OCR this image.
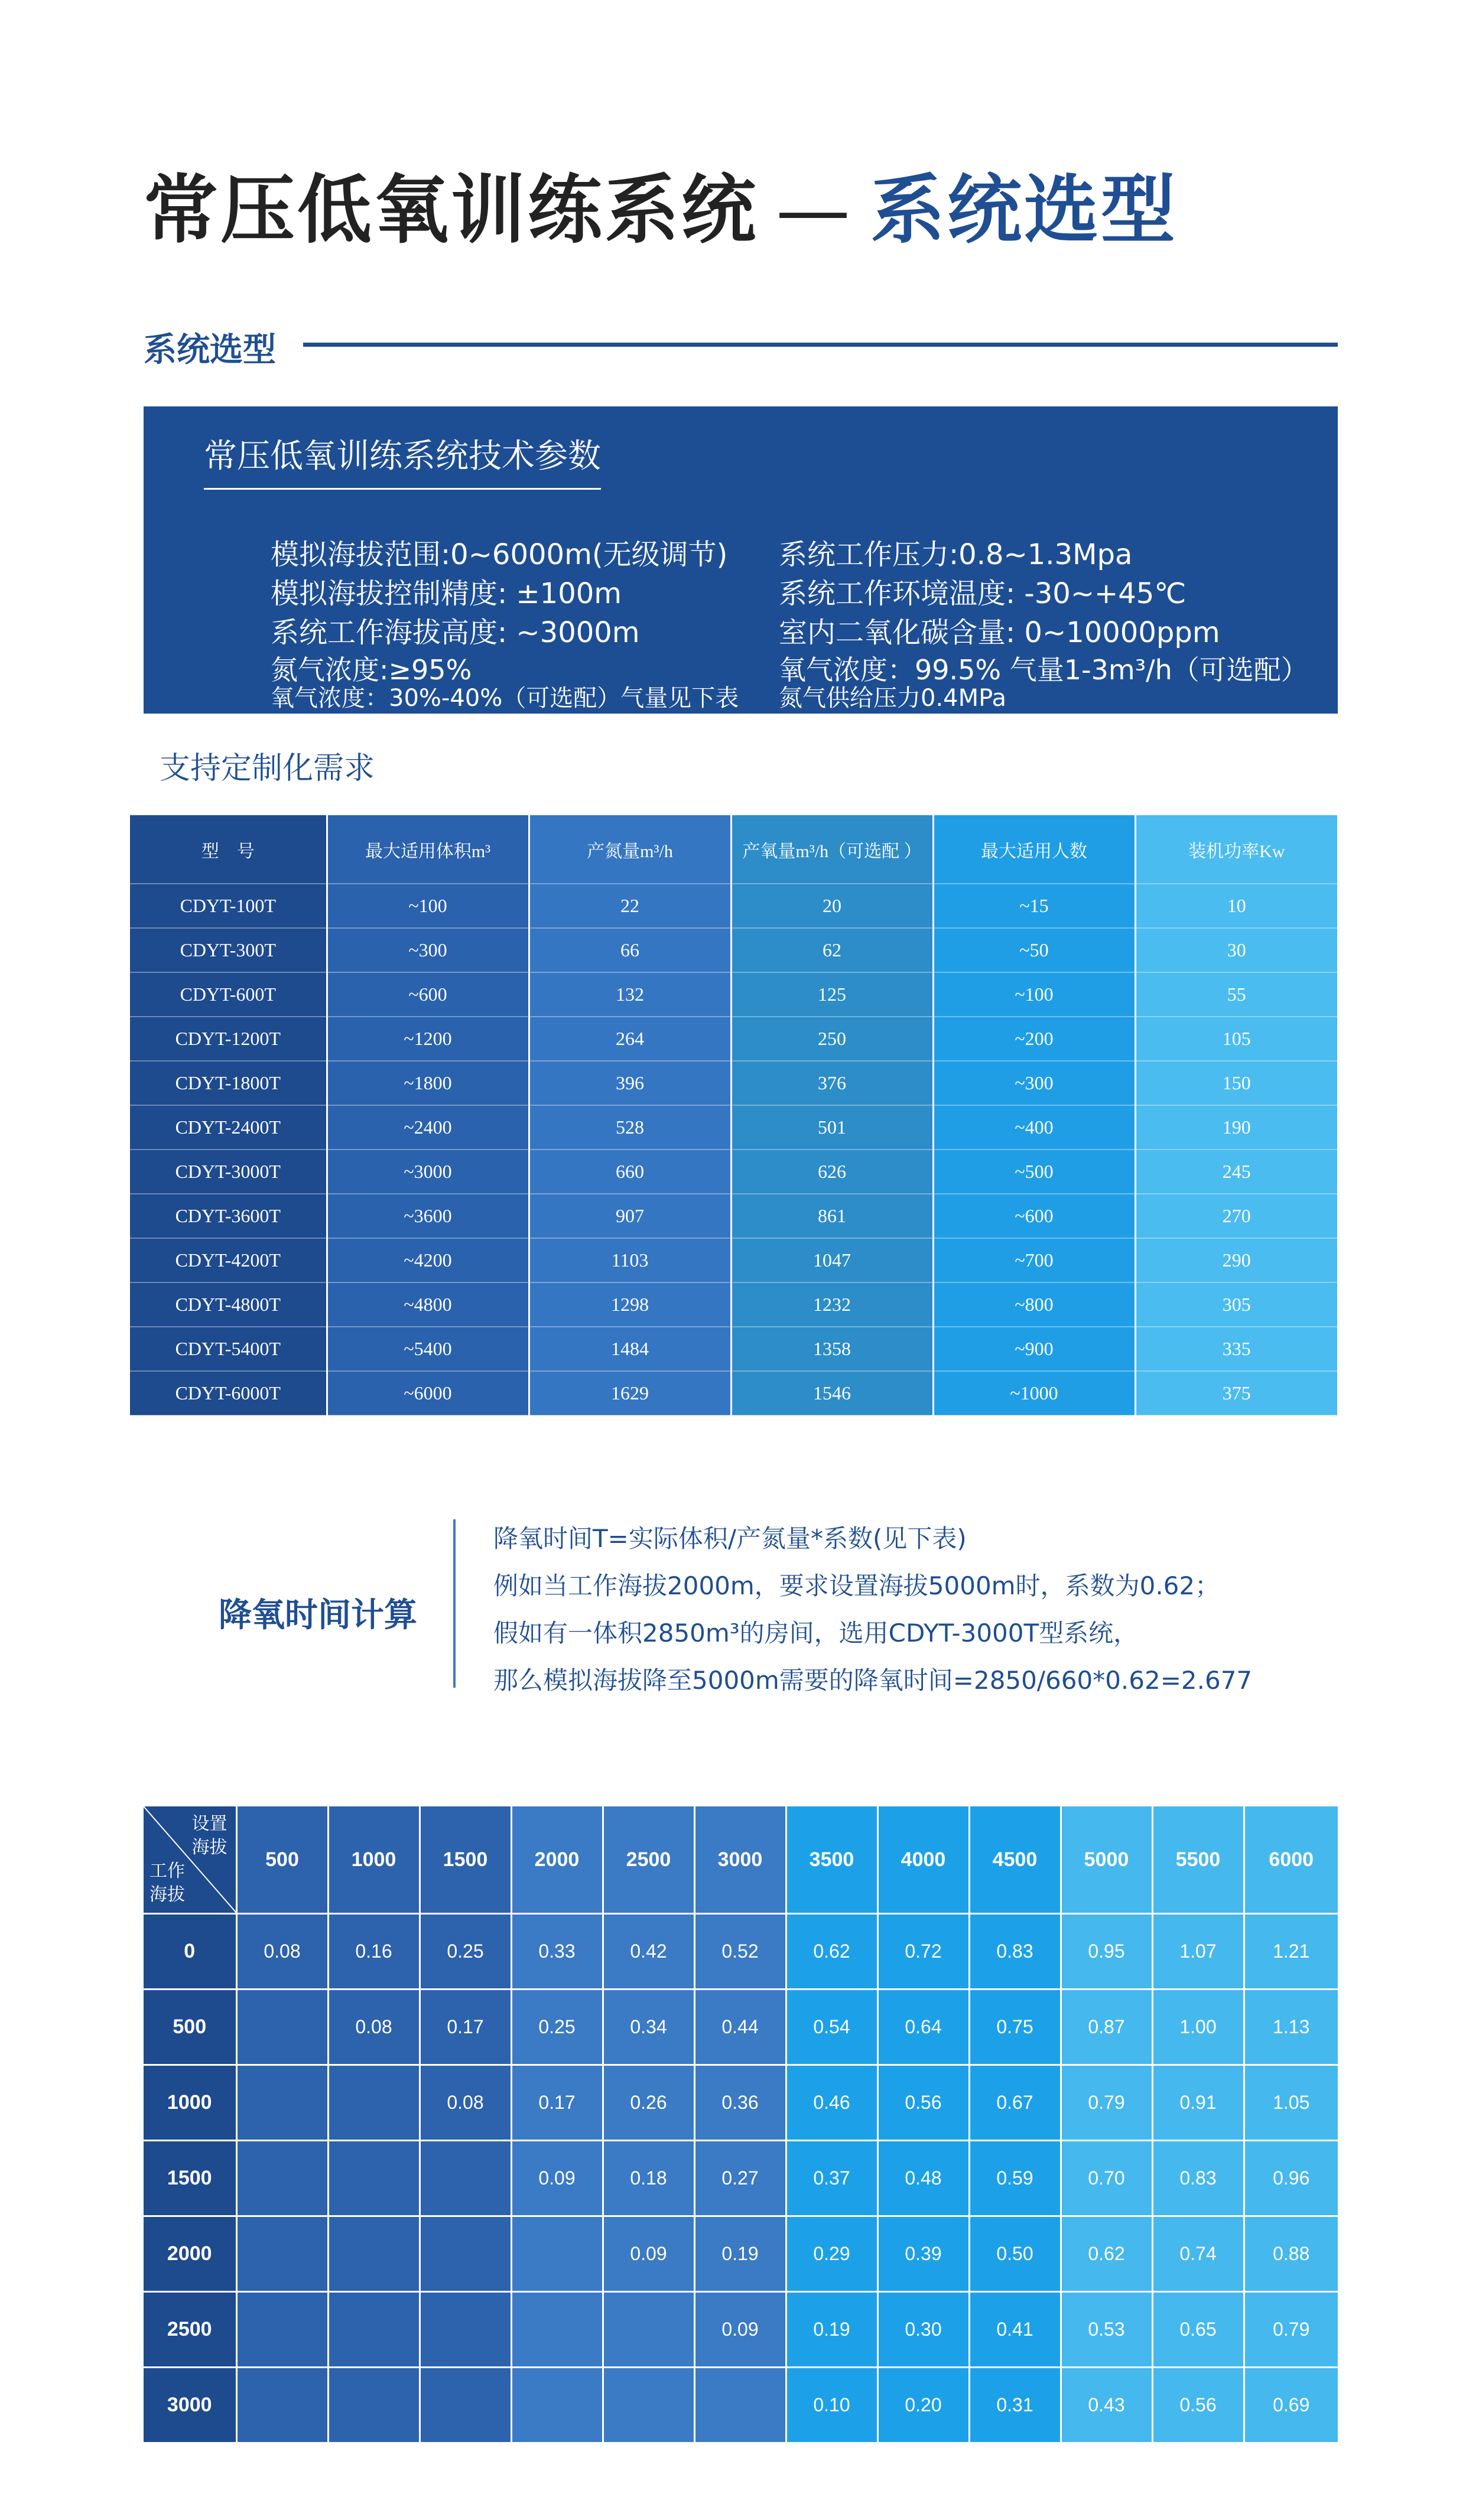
常压低氧训练系统 — 系统选型
系统选型
常压低氧训练系统技术参数
模拟海拔范围:0~6000m(无级调节) 系统工作压力:0.8~1.3Mpa
模拟海拔控制精度: ±100m	系统工作环境温度: -30~+45℃
系统工作海拔高度: ~3000m	室内二氧化碳含量: 0~10000ppm
氮气浓度:≥95%	氧气浓度：99.5% 气量1-3m³/h（可选配）
氧气浓度：30%-40%（可选配）气量见下表 氮气供给压力0.4MPa
支持定制化需求
型　号	最大适用体积m³	产氮量m³/h	产氧量m³/h（可选配 ）	最大适用人数	装机功率Kw
CDYT-100T	~100	22	20	~15	10
CDYT-300T	~300	66	62	~50	30
CDYT-600T	~600	132	125	~100	55
CDYT-1200T	~1200	264	250	~200	105
CDYT-1800T	~1800	396	376	~300	150
CDYT-2400T	~2400	528	501	~400	190
CDYT-3000T	~3000	660	626	~500	245
CDYT-3600T	~3600	907	861	~600	270
CDYT-4200T	~4200	1103	1047	~700	290
CDYT-4800T	~4800	1298	1232	~800	305
CDYT-5400T	~5400	1484	1358	~900	335
CDYT-6000T	~6000	1629	1546	~1000	375
降氧时间计算
降氧时间T=实际体积/产氮量*系数(见下表)
例如当工作海拔2000m，要求设置海拔5000m时，系数为0.62；
假如有一体积2850m³的房间，选用CDYT-3000T型系统，
那么模拟海拔降至5000m需要的降氧时间=2850/660*0.62=2.677
设置
海拔
工作
海拔	500	1000	1500	2000	2500	3000	3500	4000	4500	5000	5500	6000
0	0.08	0.16	0.25	0.33	0.42	0.52	0.62	0.72	0.83	0.95	1.07	1.21
500		0.08	0.17	0.25	0.34	0.44	0.54	0.64	0.75	0.87	1.00	1.13
1000			0.08	0.17	0.26	0.36	0.46	0.56	0.67	0.79	0.91	1.05
1500				0.09	0.18	0.27	0.37	0.48	0.59	0.70	0.83	0.96
2000					0.09	0.19	0.29	0.39	0.50	0.62	0.74	0.88
2500						0.09	0.19	0.30	0.41	0.53	0.65	0.79
3000							0.10	0.20	0.31	0.43	0.56	0.69
